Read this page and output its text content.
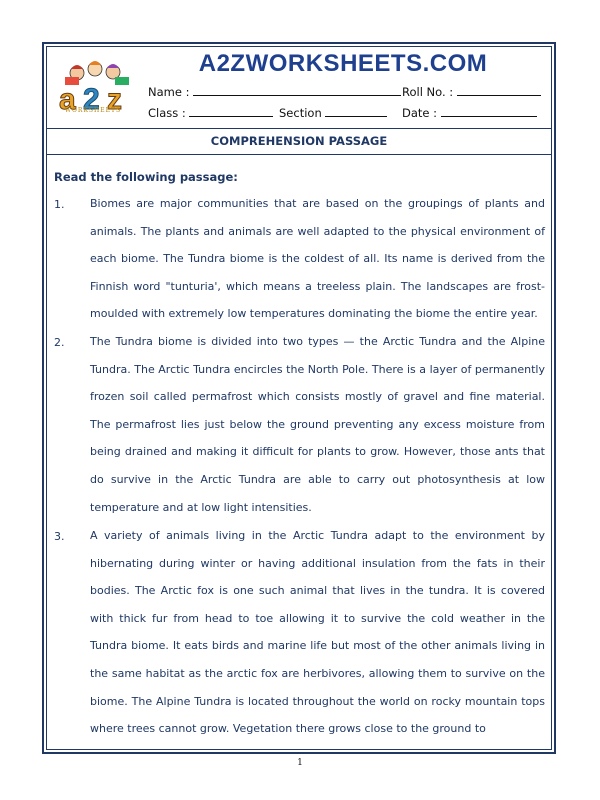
a 2 z
WORKSHEETS
A2ZWORKSHEETS.COM
Name :	Roll No. :
Class :	Section	Date :
COMPREHENSION PASSAGE
Read the following passage:
1. Biomes are major communities that are based on the groupings of plants and animals. The plants and animals are well adapted to the physical environment of each biome. The Tundra biome is the coldest of all. Its name is derived from the Finnish word "tunturia', which means a treeless plain. The landscapes are frost-moulded with extremely low temperatures dominating the biome the entire year.
2. The Tundra biome is divided into two types — the Arctic Tundra and the Alpine Tundra. The Arctic Tundra encircles the North Pole. There is a layer of permanently frozen soil called permafrost which consists mostly of gravel and fine material. The permafrost lies just below the ground preventing any excess moisture from being drained and making it difficult for plants to grow. However, those ants that do survive in the Arctic Tundra are able to carry out photosynthesis at low temperature and at low light intensities.
3. A variety of animals living in the Arctic Tundra adapt to the environment by hibernating during winter or having additional insulation from the fats in their bodies. The Arctic fox is one such animal that lives in the tundra. It is covered with thick fur from head to toe allowing it to survive the cold weather in the Tundra biome. It eats birds and marine life but most of the other animals living in the same habitat as the arctic fox are herbivores, allowing them to survive on the biome. The Alpine Tundra is located throughout the world on rocky mountain tops where trees cannot grow. Vegetation there grows close to the ground to
1
